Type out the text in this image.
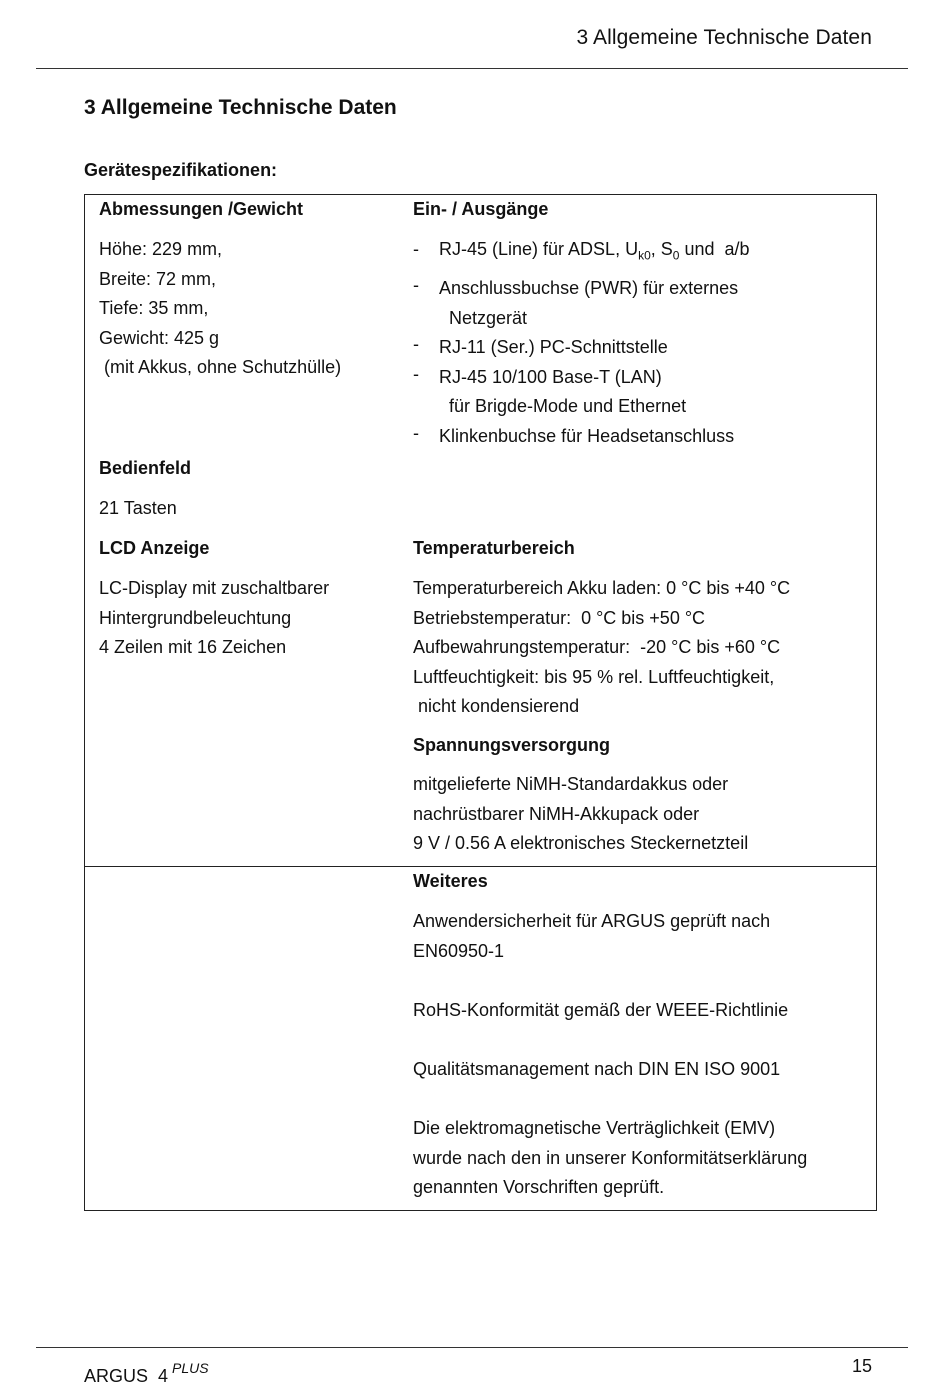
3 Allgemeine Technische Daten
3 Allgemeine Technische Daten
Gerätespezifikationen:
Abmessungen /Gewicht
Höhe: 229 mm,
Breite: 72 mm,
Tiefe: 35 mm,
Gewicht: 425 g
(mit Akkus, ohne Schutzhülle)
Bedienfeld
21 Tasten
LCD Anzeige
LC-Display mit zuschaltbarer
Hintergrundbeleuchtung
4 Zeilen mit 16 Zeichen
Ein- / Ausgänge
- RJ-45 (Line) für ADSL, $U_{k0}$, $S_0$ und  a/b
- Anschlussbuchse (PWR) für externes
Netzgerät
- RJ-11 (Ser.) PC-Schnittstelle
- RJ-45 10/100 Base-T (LAN)
für Brigde-Mode und Ethernet
- Klinkenbuchse für Headsetanschluss
Temperaturbereich
Temperaturbereich Akku laden: 0 °C bis +40 °C
Betriebstemperatur:  0 °C bis +50 °C
Aufbewahrungstemperatur:  -20 °C bis +60 °C
Luftfeuchtigkeit: bis 95 % rel. Luftfeuchtigkeit,
nicht kondensierend
Spannungsversorgung
mitgelieferte NiMH-Standardakkus oder
nachrüstbarer NiMH-Akkupack oder
9 V / 0.56 A elektronisches Steckernetzteil
Weiteres
Anwendersicherheit für ARGUS geprüft nach
EN60950-1
RoHS-Konformität gemäß der WEEE-Richtlinie
Qualitätsmanagement nach DIN EN ISO 9001
Die elektromagnetische Verträglichkeit (EMV)
wurde nach den in unserer Konformitätserklärung
genannten Vorschriften geprüft.
ARGUS  4 $^{PLUS}$	15
